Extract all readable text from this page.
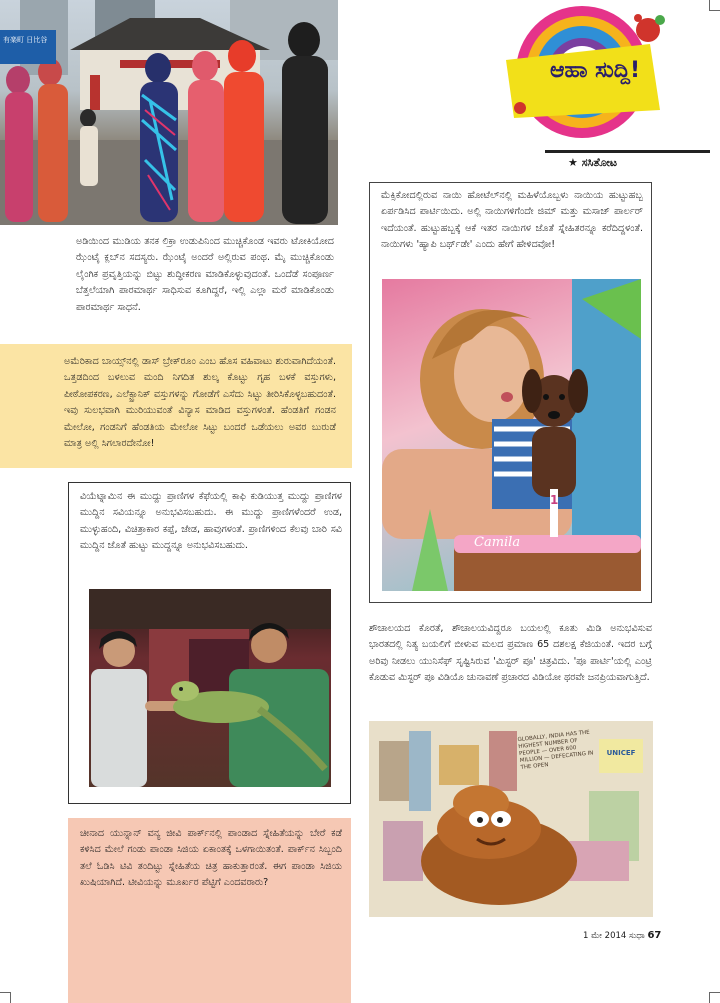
有楽町 日比谷
ಆಹಾ ಸುದ್ದಿ!
★ ಸಸಿತೋಟ
ಅಡಿಯಿಂದ ಮುಡಿಯ ತನಕ ಲಿಕ್ರಾ ಉಡುಪಿನಿಂದ ಮುಚ್ಚಿಕೊಂಡ ಇವರು ಟೋಕಿಯೋದ ಝೆಂಟೈ ಕ್ಲಬ್‌ನ ಸದಸ್ಯರು. ಝೆಂಟೈ ಅಂದರೆ ಅಲ್ಲಿರುವ ಪಂಥ. ಮೈ ಮುಚ್ಚಿಕೊಂಡು ಲೈಂಗಿಕ ಪ್ರವೃತ್ತಿಯನ್ನು ಬಿಟ್ಟು ಶುದ್ಧೀಕರಣ ಮಾಡಿಕೊಳ್ಳುವುದಂತೆ. ಒಂದೆಡೆ ಸಂಪೂರ್ಣ ಬೆತ್ತಲೆಯಾಗಿ ಪಾರಮಾರ್ಥ ಸಾಧಿಸುವ ಕೂಗಿದ್ದರೆ, ಇಲ್ಲಿ ಎಲ್ಲಾ ಮರೆ ಮಾಡಿಕೊಂಡು ಪಾರಮಾರ್ಥ ಸಾಧನೆ.
ಅಮೆರಿಕಾದ ಬಾಯ್ಸ್‌ನಲ್ಲಿ ಡಾಸ್ ಬ್ರೇಕ್‌ರೂಂ ಎಂಬ ಹೊಸ ವಹಿವಾಟು ಶುರುವಾಗಿದೆಯಂತೆ. ಒತ್ತಡದಿಂದ ಬಳಲುವ ಮಂದಿ ನಿಗದಿತ ಶುಲ್ಕ ಕೊಟ್ಟು ಗೃಹ ಬಳಕೆ ವಸ್ತುಗಳು, ಪೀಠೋಪಕರಣ, ಎಲೆಕ್ಟ್ರಾನಿಕ್ ವಸ್ತುಗಳನ್ನು ಗೋಡೆಗೆ ಎಸೆದು ಸಿಟ್ಟು ತೀರಿಸಿಕೊಳ್ಳಬಹುದಂತೆ. ಇವು ಸುಲಭವಾಗಿ ಮುರಿಯುವಂತೆ ವಿನ್ಯಾಸ ಮಾಡಿದ ವಸ್ತುಗಳಂತೆ. ಹೆಂಡತಿಗೆ ಗಂಡನ ಮೇಲೋ, ಗಂಡನಿಗೆ ಹೆಂಡತಿಯ ಮೇಲೋ ಸಿಟ್ಟು ಬಂದರೆ ಒಡೆಯಲು ಅವರ ಬುರುಡೆ ಮಾತ್ರ ಅಲ್ಲಿ ಸಿಗಲಾರದೇನೋ!
ವಿಯೆಟ್ನಾಮಿನ ಈ ಮುದ್ದು ಪ್ರಾಣಿಗಳ ಕೆಫೆಯಲ್ಲಿ ಕಾಫಿ ಕುಡಿಯುತ್ತ ಮುದ್ದು ಪ್ರಾಣಿಗಳ ಮುದ್ದಿನ ಸವಿಯನ್ನೂ ಅನುಭವಿಸಬಹುದು. ಈ ಮುದ್ದು ಪ್ರಾಣಿಗಳೆಂದರೆ ಉಡ, ಮುಳ್ಳುಹಂದಿ, ವಿಚಿತ್ರಾಕಾರ ಕಪ್ಪೆ, ಜೇಡ, ಹಾವುಗಳಂತೆ. ಪ್ರಾಣಿಗಳಿಂದ ಕೆಲವು ಬಾರಿ ಸವಿ ಮುದ್ದಿನ ಜೊತೆ ಹುಟ್ಟು ಮುದ್ದನ್ನೂ ಅನುಭವಿಸಬಹುದು.
ಚೀನಾದ ಯುನ್ನಾನ್ ವನ್ಯ ಜೀವಿ ಪಾರ್ಕ್‌ನಲ್ಲಿ ಪಾಂಡಾದ ಸ್ನೇಹಿತೆಯನ್ನು ಬೇರೆ ಕಡೆ ಕಳಿಸಿದ ಮೇಲೆ ಗಂಡು ಪಾಂಡಾ ಸಿಜಿಯ ಏಕಾಂತಕ್ಕೆ ಒಳಗಾಯಿತಂತೆ. ಪಾರ್ಕ್‌ನ ಸಿಬ್ಬಂದಿ ತಲೆ ಓಡಿಸಿ ಟಿವಿ ತಂದಿಟ್ಟು ಸ್ನೇಹಿತೆಯ ಚಿತ್ರ ಹಾಕುತ್ತಾರಂತೆ. ಈಗ ಪಾಂಡಾ ಸಿಜಿಯ ಖುಷಿಯಾಗಿದೆ. ಟೀವಿಯನ್ನು ಮೂರ್ಖರ ಪೆಟ್ಟಿಗೆ ಎಂದವರಾರು?
ಮೆಕ್ಸಿಕೋದಲ್ಲಿರುವ ನಾಯಿ ಹೋಟೆಲ್‌ನಲ್ಲಿ ಮಹಿಳೆಯೊಬ್ಬಳು ನಾಯಿಯ ಹುಟ್ಟುಹಬ್ಬ ಏರ್ಪಡಿಸಿದ ಪಾರ್ಟಿಯಿದು. ಅಲ್ಲಿ ನಾಯಿಗಳಿಗೆಂದೇ ಜಿಮ್ ಮತ್ತು ಮಸಾಜ್ ಪಾರ್ಲರ್ ಇದೆಯಂತೆ. ಹುಟ್ಟುಹಬ್ಬಕ್ಕೆ ಆಕೆ ಇತರ ನಾಯಿಗಳ ಜೊತೆ ಸ್ನೇಹಿತರನ್ನೂ ಕರೆದಿದ್ದಳಂತೆ. ನಾಯಿಗಳು 'ಹ್ಯಾಪಿ ಬರ್ಥ್‌ಡೇ' ಎಂದು ಹೇಗೆ ಹೇಳಿದವೋ!
Camila
1
ಶೌಚಾಲಯದ ಕೊರತೆ, ಶೌಚಾಲಯವಿದ್ದರೂ ಬಯಲಲ್ಲಿ ಕೂತು ಮಿಡಿ ಅನುಭವಿಸುವ ಭಾರತದಲ್ಲಿ ನಿತ್ಯ ಬಯಲಿಗೆ ಬೀಳುವ ಮಲದ ಪ್ರಮಾಣ 65 ದಶಲಕ್ಷ ಕೆಜಿಯಂತೆ. ಇದರ ಬಗ್ಗೆ ಅರಿವು ನೀಡಲು ಯುನಿಸೆಫ್ ಸೃಷ್ಟಿಸಿರುವ 'ಮಿಸ್ಟರ್ ಪೂ' ಚಿತ್ರವಿದು. 'ಪೂ ಪಾರ್ಟಿ'ಯಲ್ಲಿ ಎಂಟ್ರಿ ಕೊಡುವ ಮಿಸ್ಟರ್ ಪೂ ವಿಡಿಯೊ ಚುನಾವಣೆ ಪ್ರಚಾರದ ವಿಡಿಯೋ ಥರವೇ ಜನಪ್ರಿಯವಾಗುತ್ತಿದೆ.
GLOBALLY, INDIA HAS THE HIGHEST NUMBER OF PEOPLE — OVER 600 MILLION — DEFECATING IN THE OPEN
UNICEF
1 ಮೇ 2014 ಸುಧಾ 67
